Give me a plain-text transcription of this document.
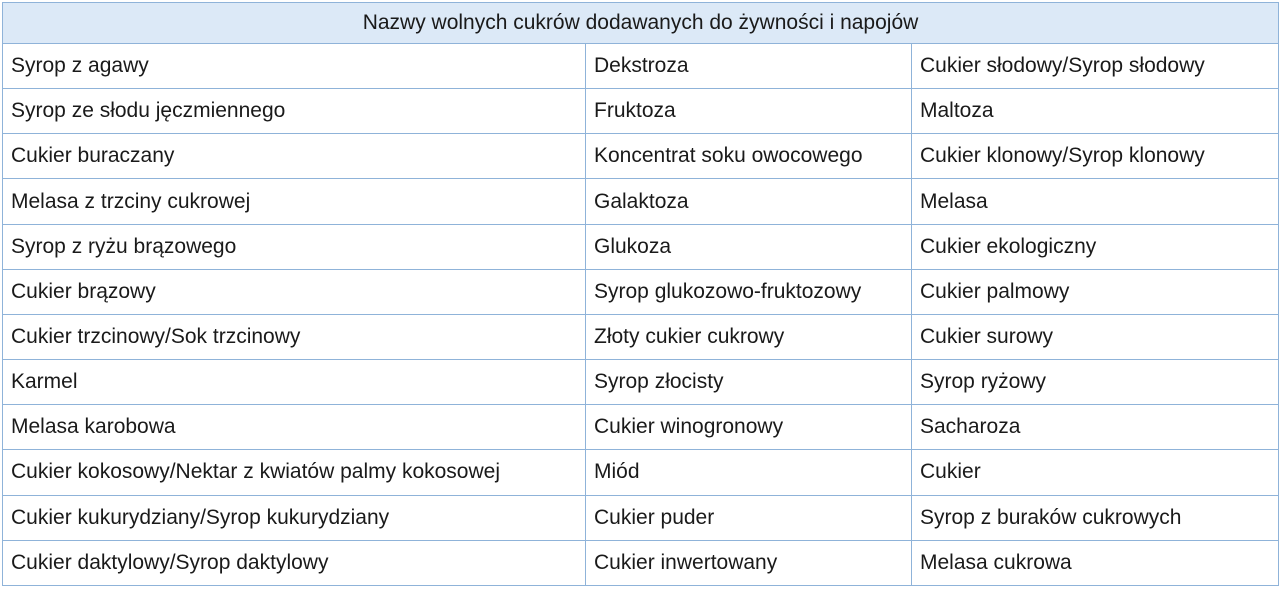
Nazwy wolnych cukrów dodawanych do żywności i napojów		
Syrop z agawy	Dekstroza	Cukier słodowy/Syrop słodowy
Syrop ze słodu jęczmiennego	Fruktoza	Maltoza
Cukier buraczany	Koncentrat soku owocowego	Cukier klonowy/Syrop klonowy
Melasa z trzciny cukrowej	Galaktoza	Melasa
Syrop z ryżu brązowego	Glukoza	Cukier ekologiczny
Cukier brązowy	Syrop glukozowo-fruktozowy	Cukier palmowy
Cukier trzcinowy/Sok trzcinowy	Złoty cukier cukrowy	Cukier surowy
Karmel	Syrop złocisty	Syrop ryżowy
Melasa karobowa	Cukier winogronowy	Sacharoza
Cukier kokosowy/Nektar z kwiatów palmy kokosowej	Miód	Cukier
Cukier kukurydziany/Syrop kukurydziany	Cukier puder	Syrop z buraków cukrowych
Cukier daktylowy/Syrop daktylowy	Cukier inwertowany	Melasa cukrowa
